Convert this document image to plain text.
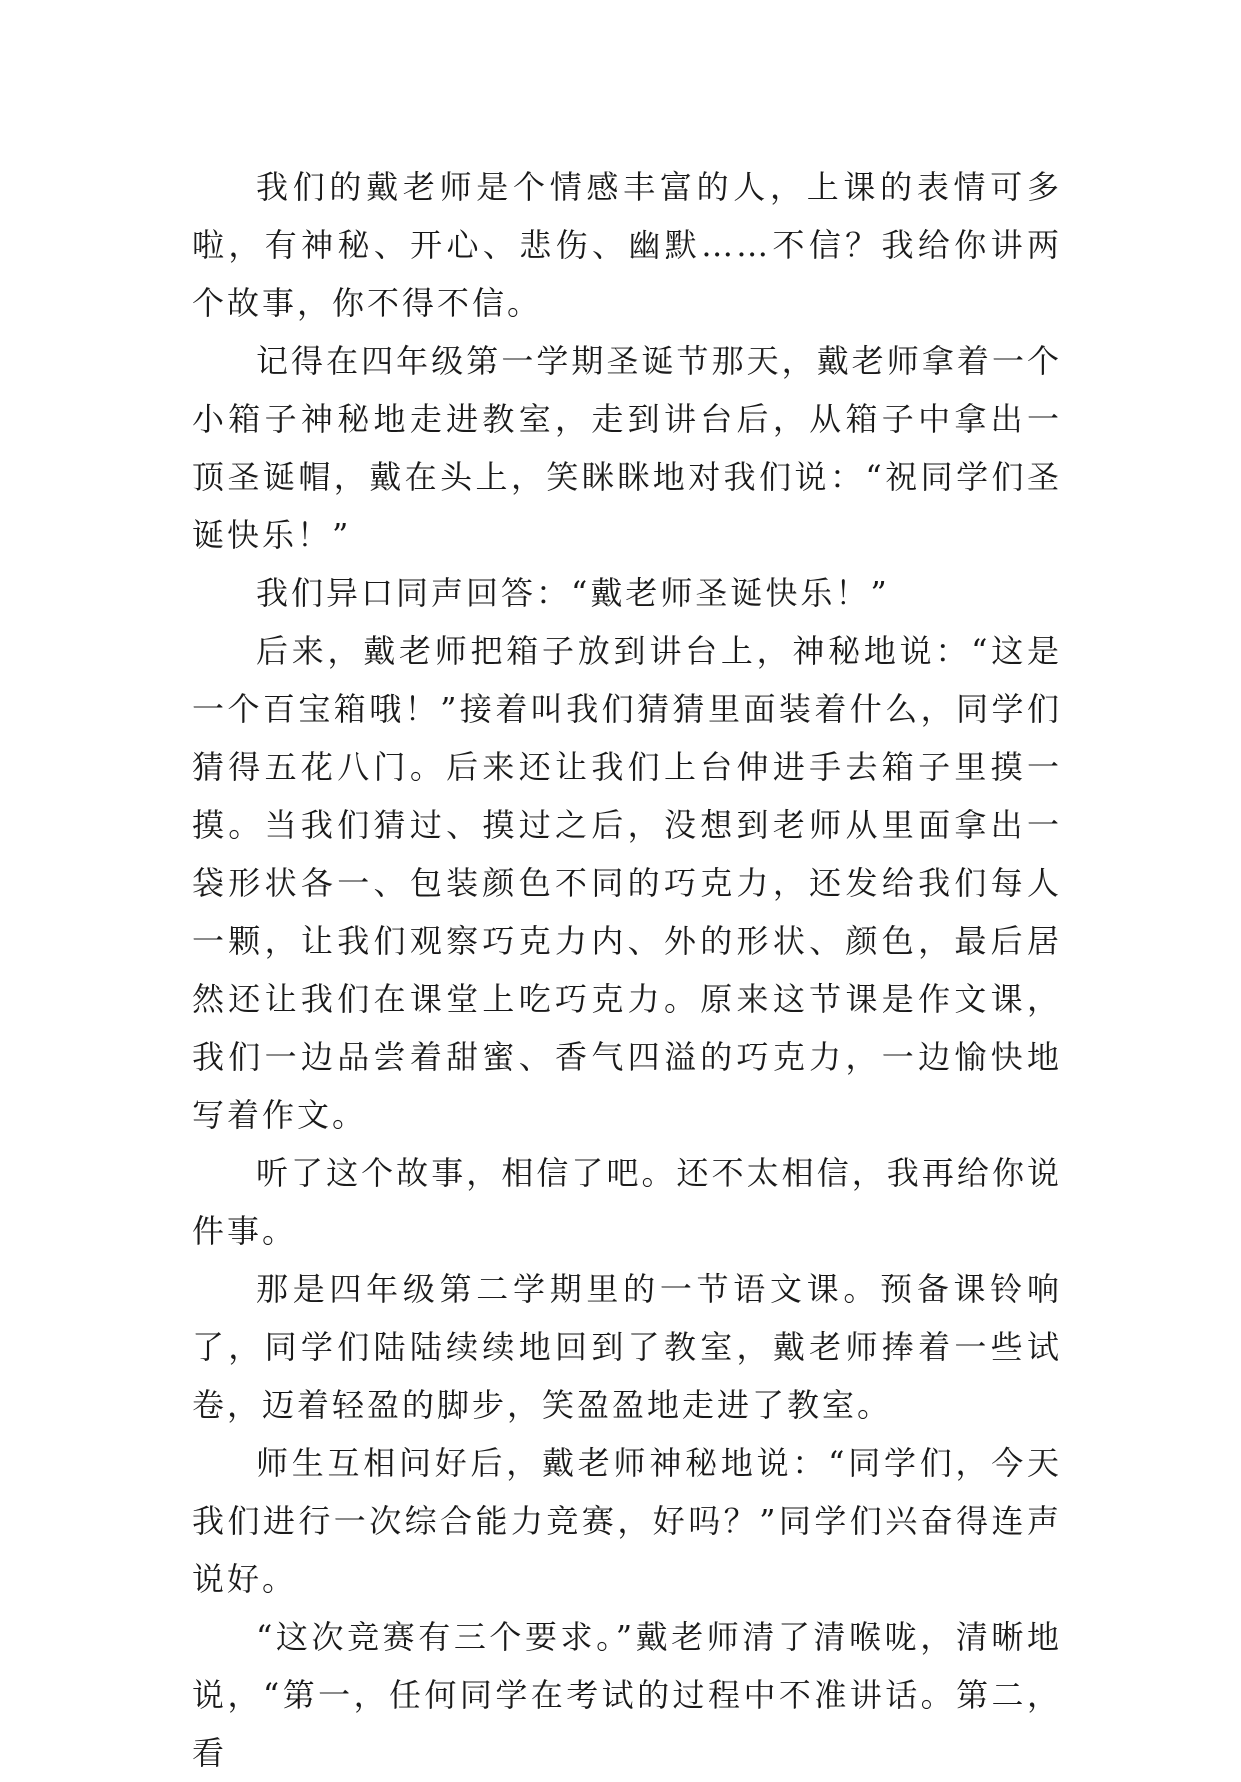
我们的戴老师是个情感丰富的人，上课的表情可多啦，有神秘、开心、悲伤、幽默……不信？我给你讲两个故事，你不得不信。

记得在四年级第一学期圣诞节那天，戴老师拿着一个小箱子神秘地走进教室，走到讲台后，从箱子中拿出一顶圣诞帽，戴在头上，笑眯眯地对我们说：“祝同学们圣诞快乐！”

我们异口同声回答：“戴老师圣诞快乐！”

后来，戴老师把箱子放到讲台上，神秘地说：“这是一个百宝箱哦！”接着叫我们猜猜里面装着什么，同学们猜得五花八门。后来还让我们上台伸进手去箱子里摸一摸。当我们猜过、摸过之后，没想到老师从里面拿出一袋形状各一、包装颜色不同的巧克力，还发给我们每人一颗，让我们观察巧克力内、外的形状、颜色，最后居然还让我们在课堂上吃巧克力。原来这节课是作文课，我们一边品尝着甜蜜、香气四溢的巧克力，一边愉快地写着作文。

听了这个故事，相信了吧。还不太相信，我再给你说件事。

那是四年级第二学期里的一节语文课。预备课铃响了，同学们陆陆续续地回到了教室，戴老师捧着一些试卷，迈着轻盈的脚步，笑盈盈地走进了教室。

师生互相问好后，戴老师神秘地说：“同学们，今天我们进行一次综合能力竞赛，好吗？”同学们兴奋得连声说好。

“这次竞赛有三个要求。”戴老师清了清喉咙，清晰地说，“第一，任何同学在考试的过程中不准讲话。第二，看
